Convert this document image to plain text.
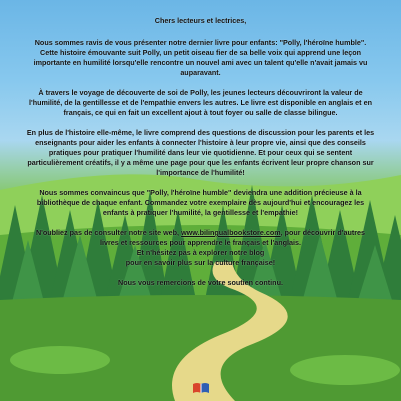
Chers lecteurs et lectrices,

Nous sommes ravis de vous présenter notre dernier livre pour enfants: "Polly, l'héroïne humble". Cette histoire émouvante suit Polly, un petit oiseau fier de sa belle voix qui apprend une leçon importante en humilité lorsqu'elle rencontre un nouvel ami avec un talent qu'elle n'avait jamais vu auparavant.

À travers le voyage de découverte de soi de Polly, les jeunes lecteurs découvriront la valeur de l'humilité, de la gentillesse et de l'empathie envers les autres. Le livre est disponible en anglais et en français, ce qui en fait un excellent ajout à tout foyer ou salle de classe bilingue.

En plus de l'histoire elle-même, le livre comprend des questions de discussion pour les parents et les enseignants pour aider les enfants à connecter l'histoire à leur propre vie, ainsi que des conseils pratiques pour pratiquer l'humilité dans leur vie quotidienne. Et pour ceux qui se sentent particulièrement créatifs, il y a même une page pour que les enfants écrivent leur propre chanson sur l'importance de l'humilité!

Nous sommes convaincus que "Polly, l'héroïne humble" deviendra une addition précieuse à la bibliothèque de chaque enfant. Commandez votre exemplaire dès aujourd'hui et encouragez les enfants à pratiquer l'humilité, la gentillesse et l'empathie!

N'oubliez pas de consulter notre site web, www.bilingualbookstore.com, pour découvrir d'autres livres et ressources pour apprendre le français et l'anglais.
Et n'hésitez pas à explorer notre blog
pour en savoir plus sur la culture française!

Nous vous remercions de votre soutien continu.
